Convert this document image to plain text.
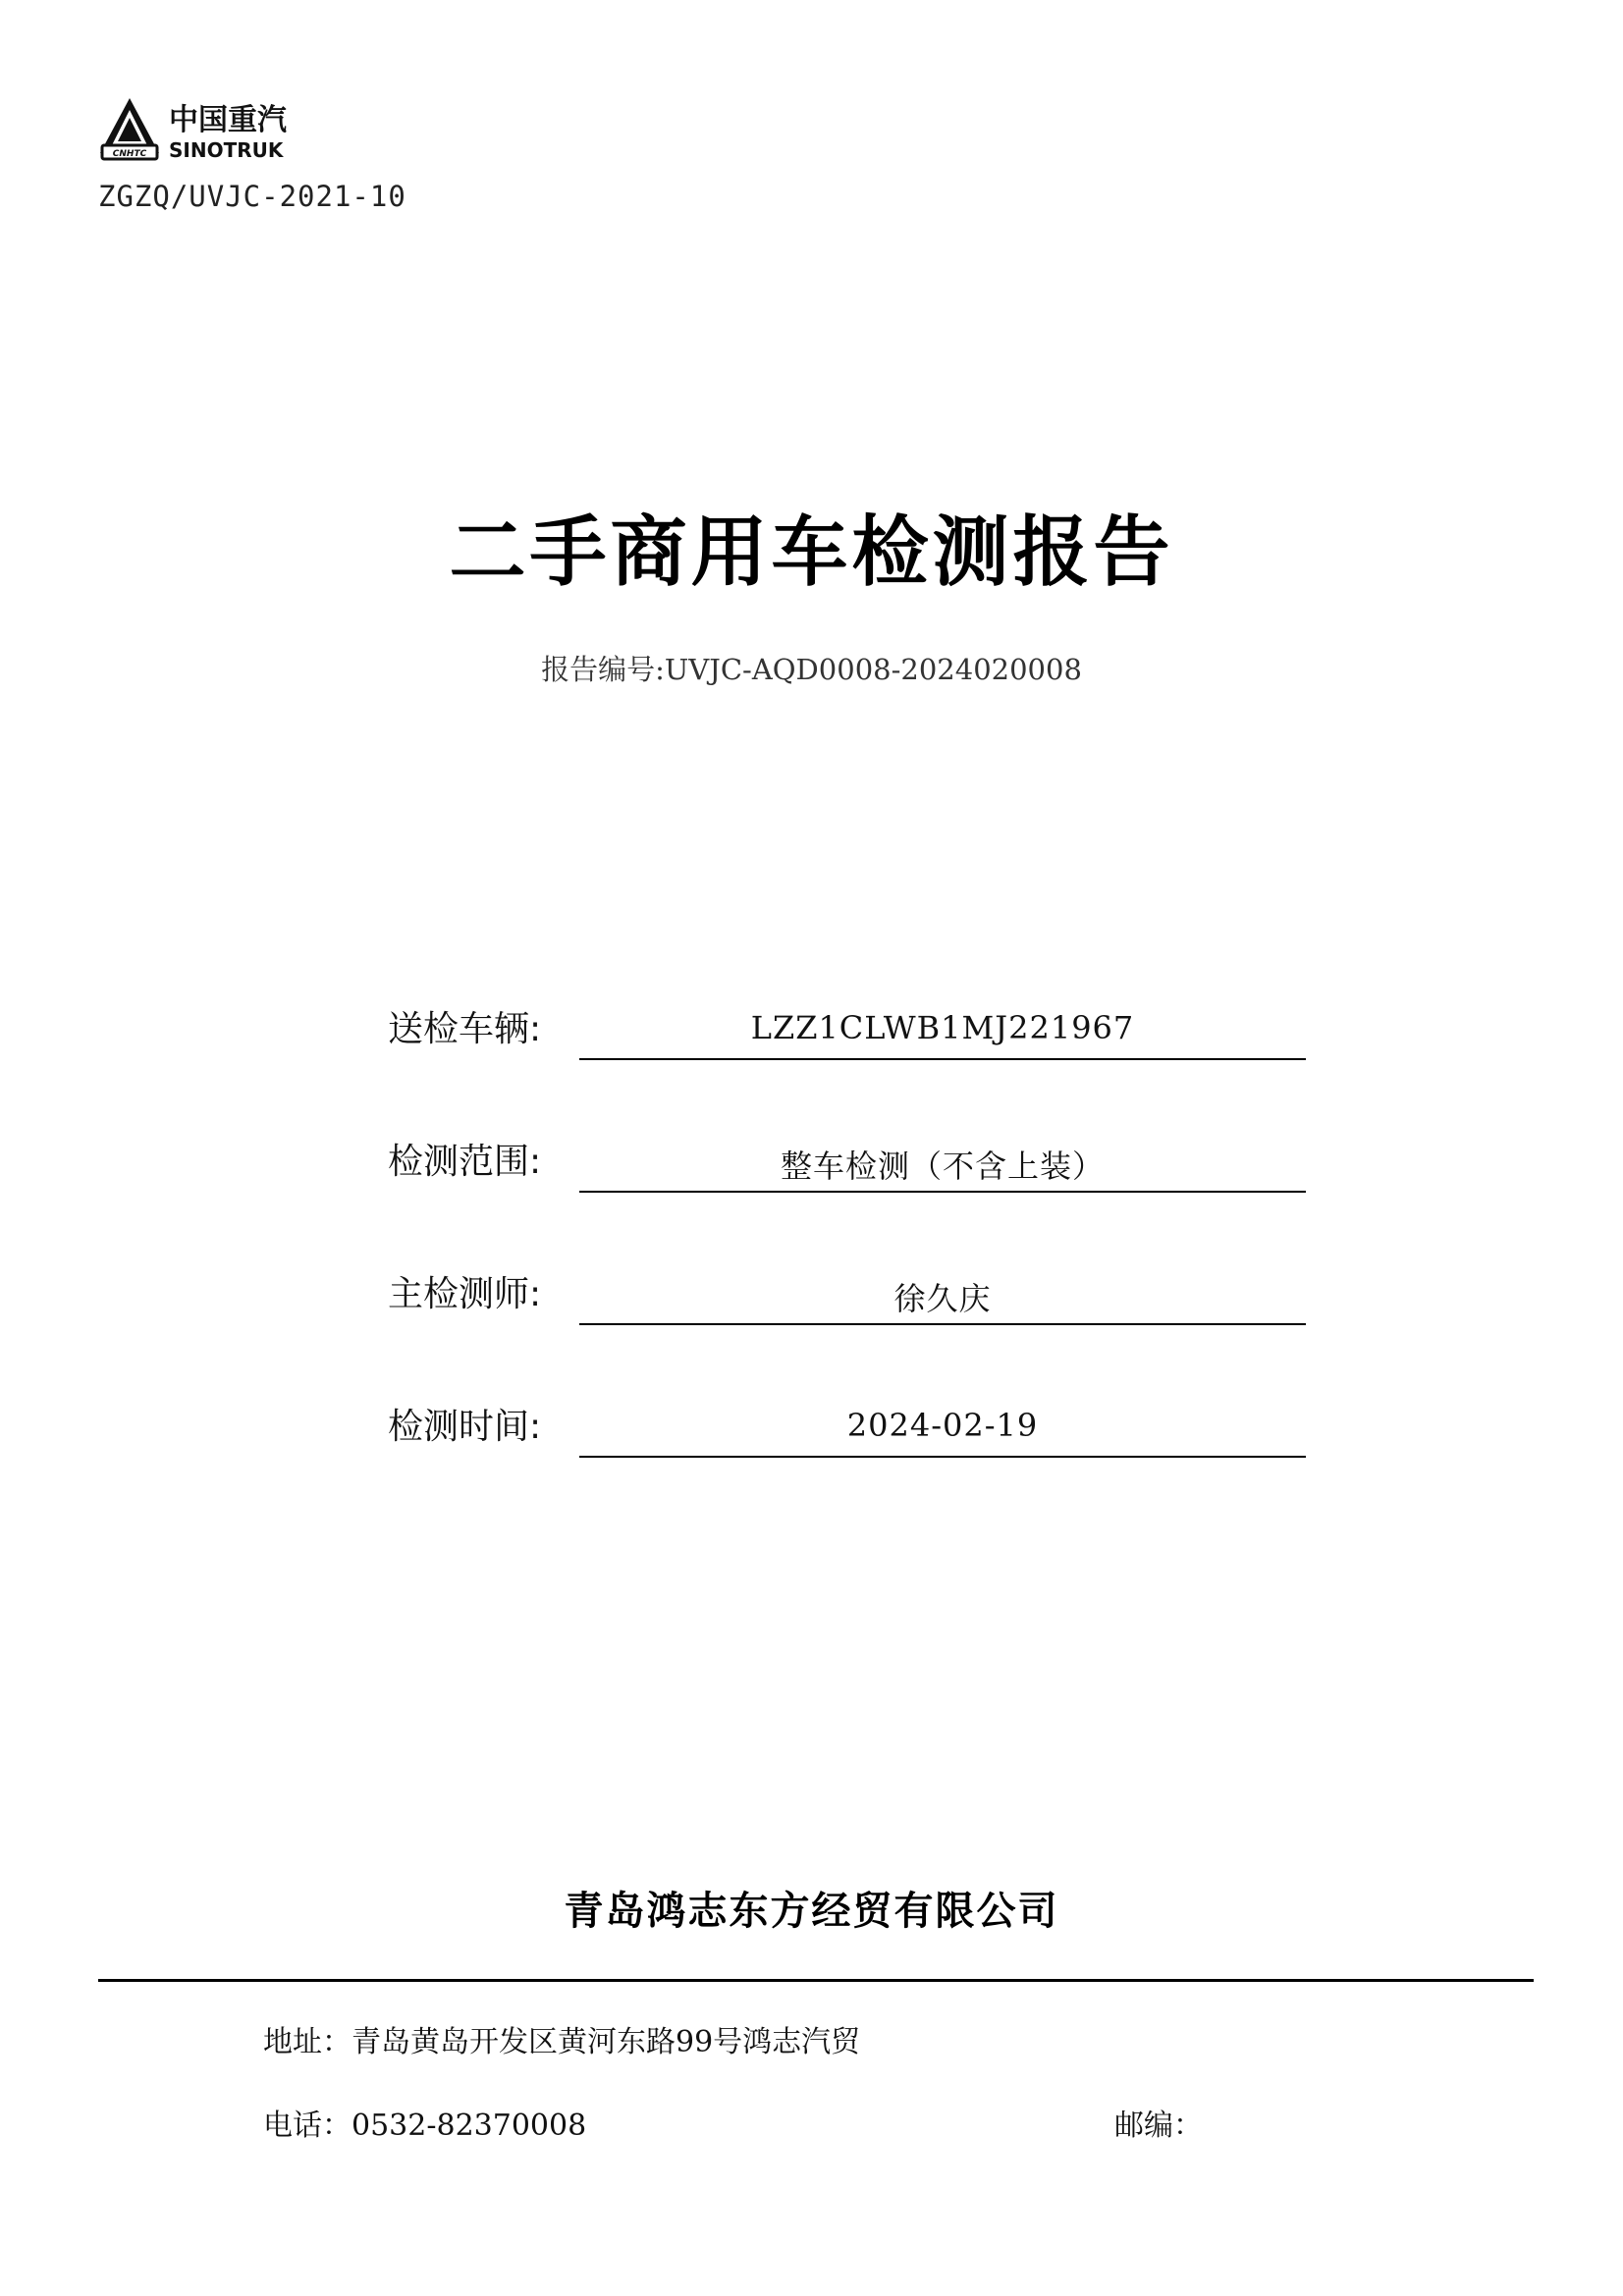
CNHTC
中国重汽
SINOTRUK
ZGZQ/UVJC-2021-10
二手商用车检测报告
报告编号:UVJC-AQD0008-2024020008
送检车辆:	LZZ1CLWB1MJ221967
检测范围:	整车检测（不含上装）
主检测师:	徐久庆
检测时间:	2024-02-19
青岛鸿志东方经贸有限公司
地址：青岛黄岛开发区黄河东路99号鸿志汽贸
电话：0532-82370008	邮编：
